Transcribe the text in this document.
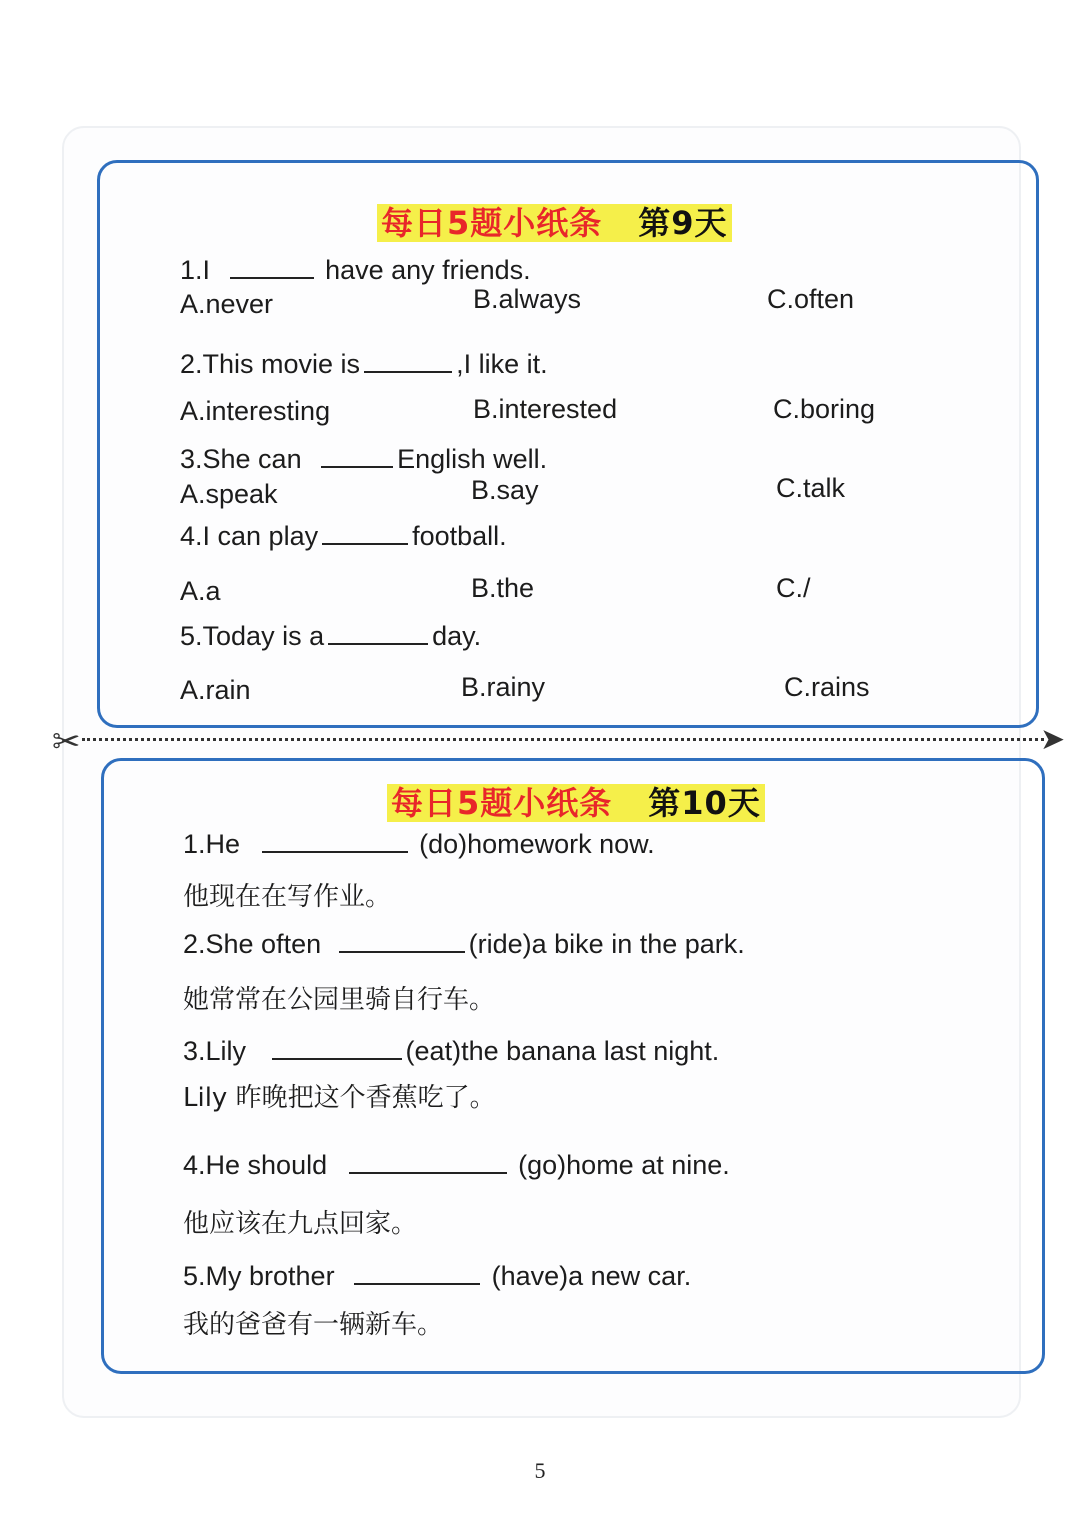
每日5题小纸条 第9天
1.I	have any friends.
A.never	B.always	C.often
2.This movie is	,I like it.
A.interesting	B.interested	C.boring
3.She can	English well.
A.speak	B.say	C.talk
4.I can play	football.
A.a	B.the	C./
5.Today is a	day.
A.rain	B.rainy	C.rains
✂	➤
每日5题小纸条 第10天
1.He	(do)homework now.
他现在在写作业。
2.She often	(ride)a bike in the park.
她常常在公园里骑自行车。
3.Lily	(eat)the banana last night.
Lily 昨晚把这个香蕉吃了。
4.He should	(go)home at nine.
他应该在九点回家。
5.My brother	(have)a new car.
我的爸爸有一辆新车。
5
